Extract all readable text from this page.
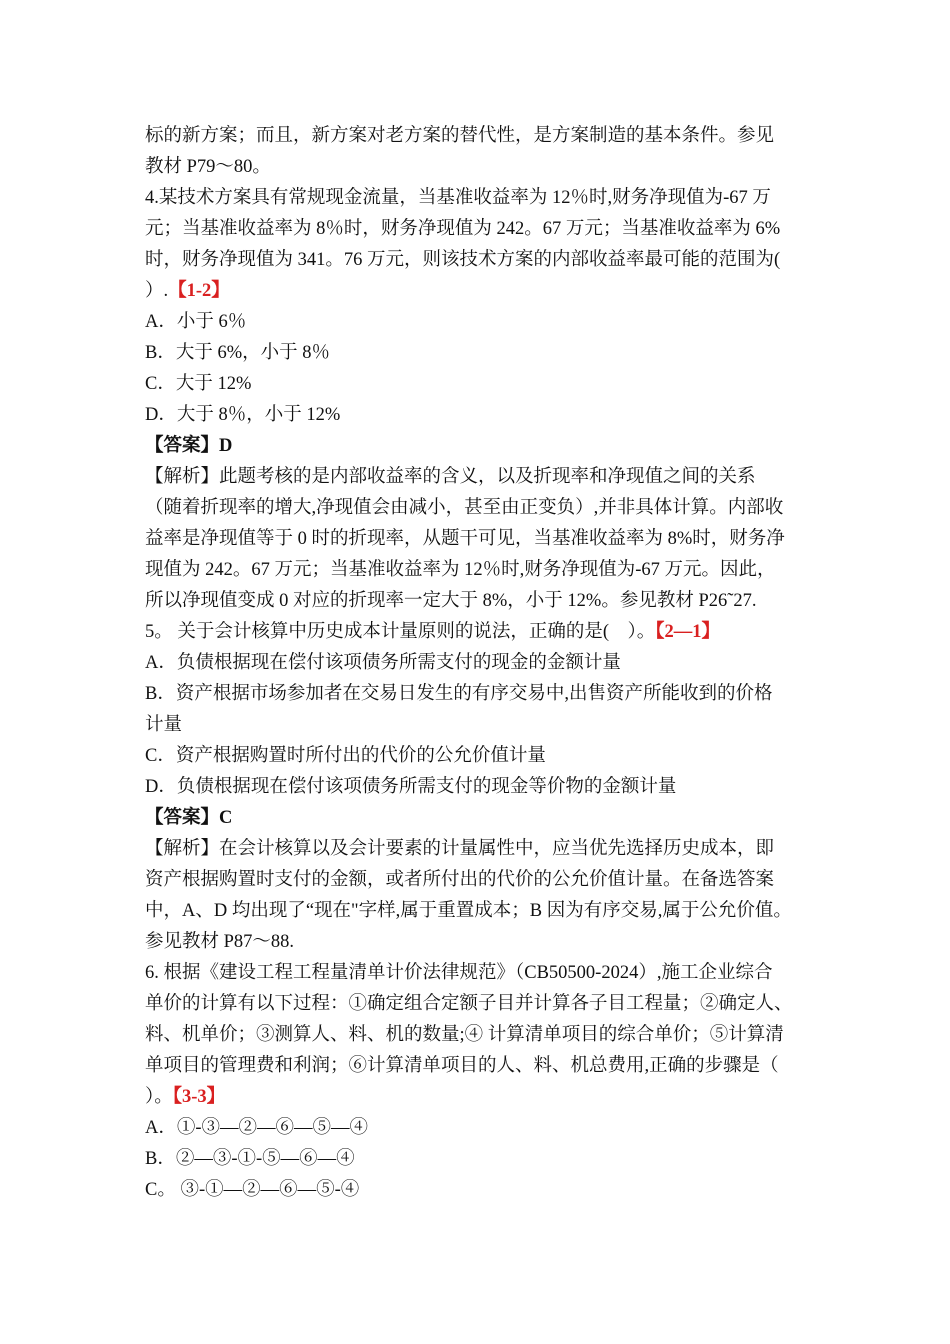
标的新方案；而且，新方案对老方案的替代性，是方案制造的基本条件。参见
教材 P79～80。
4.某技术方案具有常规现金流量，当基准收益率为 12％时,财务净现值为-67 万
元；当基准收益率为 8％时，财务净现值为 242。67 万元；当基准收益率为 6%
时，财务净现值为 341。76 万元，则该技术方案的内部收益率最可能的范围为(
）.【1-2】
A．小于 6％
B．大于 6%，小于 8％
C．大于 12%
D．大于 8％，小于 12%
【答案】D
【解析】此题考核的是内部收益率的含义，以及折现率和净现值之间的关系
（随着折现率的增大,净现值会由减小，甚至由正变负）,并非具体计算。内部收
益率是净现值等于 0 时的折现率，从题干可见，当基准收益率为 8%时，财务净
现值为 242。67 万元；当基准收益率为 12％时,财务净现值为-67 万元。因此，
所以净现值变成 0 对应的折现率一定大于 8%，小于 12%。参见教材 P26˜27.
5。 关于会计核算中历史成本计量原则的说法，正确的是(　）。【2—1】
A．负债根据现在偿付该项债务所需支付的现金的金额计量
B．资产根据市场参加者在交易日发生的有序交易中,出售资产所能收到的价格
计量
C．资产根据购置时所付出的代价的公允价值计量
D．负债根据现在偿付该项债务所需支付的现金等价物的金额计量
【答案】C
【解析】在会计核算以及会计要素的计量属性中，应当优先选择历史成本，即
资产根据购置时支付的金额，或者所付出的代价的公允价值计量。在备选答案
中，A、D 均出现了“现在"字样,属于重置成本；B 因为有序交易,属于公允价值。
参见教材 P87～88.
6. 根据《建设工程工程量清单计价法律规范》（CB50500-2024）,施工企业综合
单价的计算有以下过程：①确定组合定额子目并计算各子目工程量；②确定人、
料、机单价；③测算人、料、机的数量;④ 计算清单项目的综合单价；⑤计算清
单项目的管理费和利润；⑥计算清单项目的人、料、机总费用,正确的步骤是（
）。【3-3】
A．①-③—②—⑥—⑤—④
B．②—③-①-⑤—⑥—④
C。 ③-①—②—⑥—⑤-④
